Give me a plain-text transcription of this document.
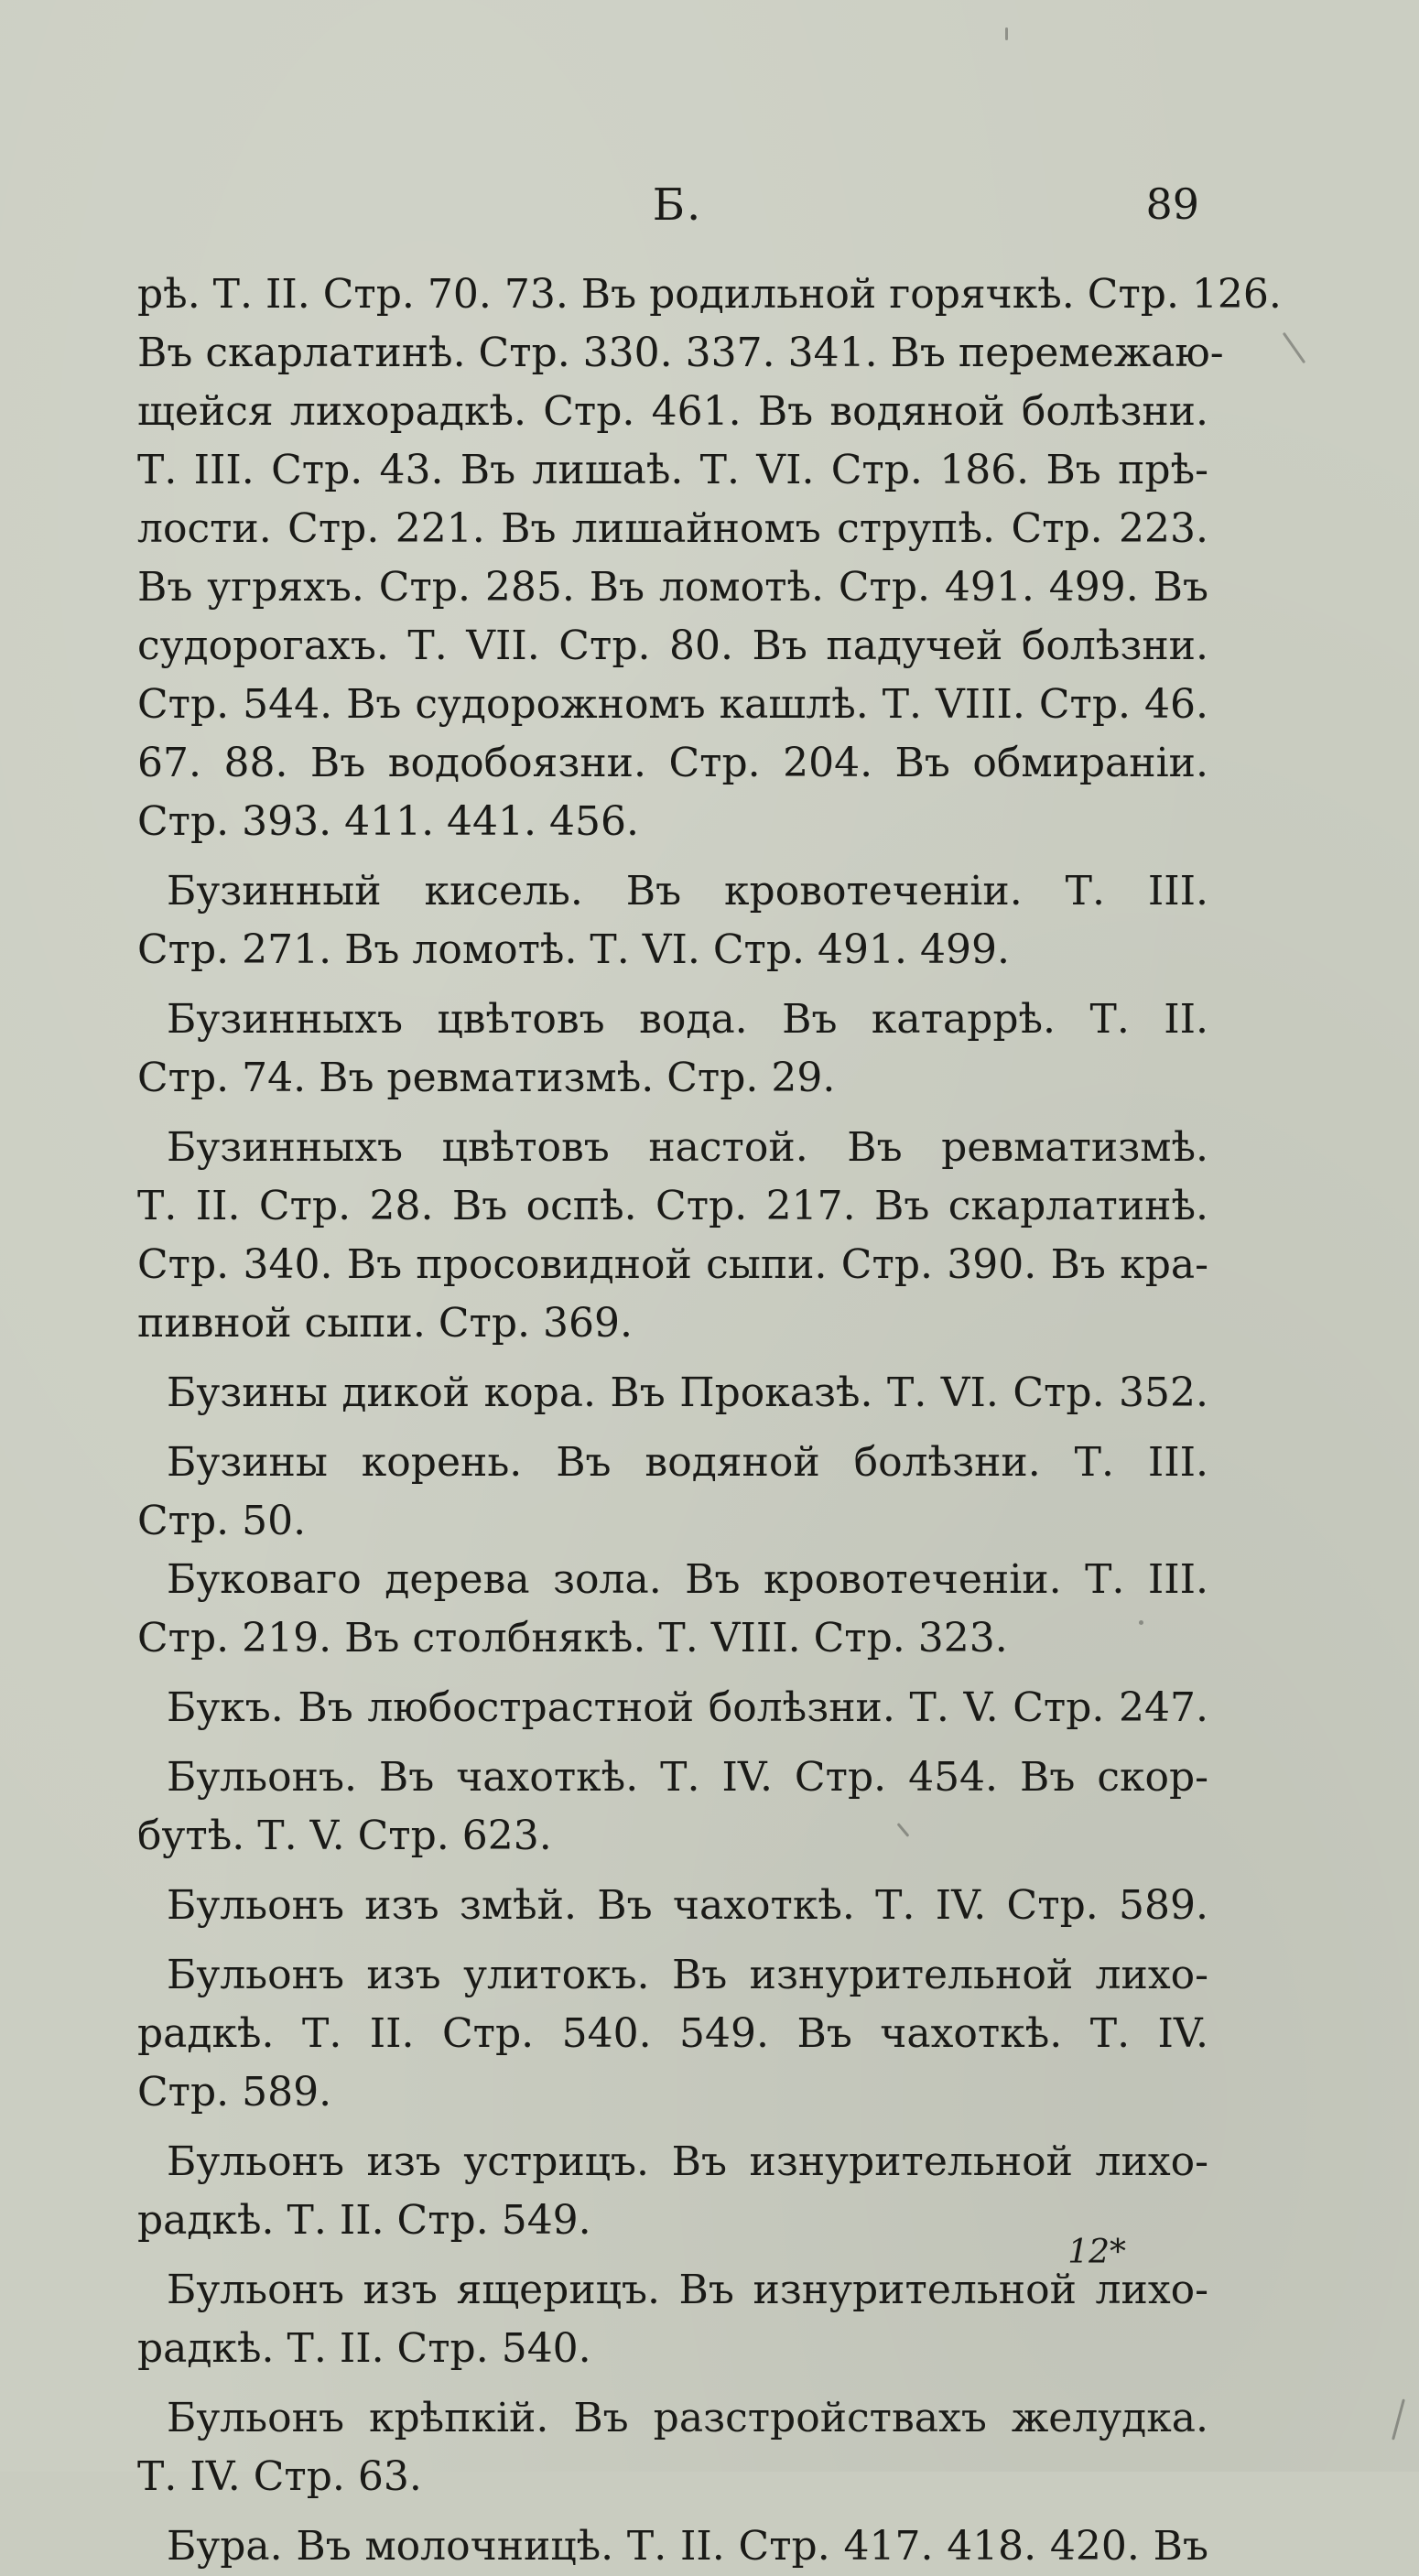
Б.	89
рѣ. Т. II. Стр. 70. 73. Въ родильной горячкѣ. Стр. 126.
Въ скарлатинѣ. Стр. 330. 337. 341. Въ перемежаю-
щейся лихорадкѣ. Стр. 461. Въ водяной болѣзни.
Т. III. Стр. 43. Въ лишаѣ. Т. VI. Стр. 186. Въ прѣ-
лости. Стр. 221. Въ лишайномъ струпѣ. Стр. 223.
Въ угряхъ. Стр. 285. Въ ломотѣ. Стр. 491. 499. Въ
судорогахъ. Т. VII. Стр. 80. Въ падучей болѣзни.
Стр. 544. Въ судорожномъ кашлѣ. Т. VIII. Стр. 46.
67. 88. Въ водобоязни. Стр. 204. Въ обмираніи.
Стр. 393. 411. 441. 456.
Бузинный кисель. Въ кровотеченіи. Т. III.
Стр. 271. Въ ломотѣ. Т. VI. Стр. 491. 499.
Бузинныхъ цвѣтовъ вода. Въ катаррѣ. Т. II.
Стр. 74. Въ ревматизмѣ. Стр. 29.
Бузинныхъ цвѣтовъ настой. Въ ревматизмѣ.
Т. II. Стр. 28. Въ оспѣ. Стр. 217. Въ скарлатинѣ.
Стр. 340. Въ просовидной сыпи. Стр. 390. Въ кра-
пивной сыпи. Стр. 369.
Бузины дикой кора. Въ Проказѣ. Т. VI. Стр. 352.
Бузины корень. Въ водяной болѣзни. Т. III.
Стр. 50.
Буковаго дерева зола. Въ кровотеченіи. Т. III.
Стр. 219. Въ столбнякѣ. Т. VIII. Стр. 323.
Букъ. Въ любострастной болѣзни. Т. V. Стр. 247.
Бульонъ. Въ чахоткѣ. Т. IV. Стр. 454. Въ скор-
бутѣ. Т. V. Стр. 623.
Бульонъ изъ змѣй. Въ чахоткѣ. Т. IV. Стр. 589.
Бульонъ изъ улитокъ. Въ изнурительной лихо-
радкѣ. Т. II. Стр. 540. 549. Въ чахоткѣ. Т. IV.
Стр. 589.
Бульонъ изъ устрицъ. Въ изнурительной лихо-
радкѣ. Т. II. Стр. 549.
Бульонъ изъ ящерицъ. Въ изнурительной лихо-
радкѣ. Т. II. Стр. 540.
Бульонъ крѣпкій. Въ разстройствахъ желудка.
Т. IV. Стр. 63.
Бура. Въ молочницѣ. Т. II. Стр. 417. 418. 420. Въ
12*
